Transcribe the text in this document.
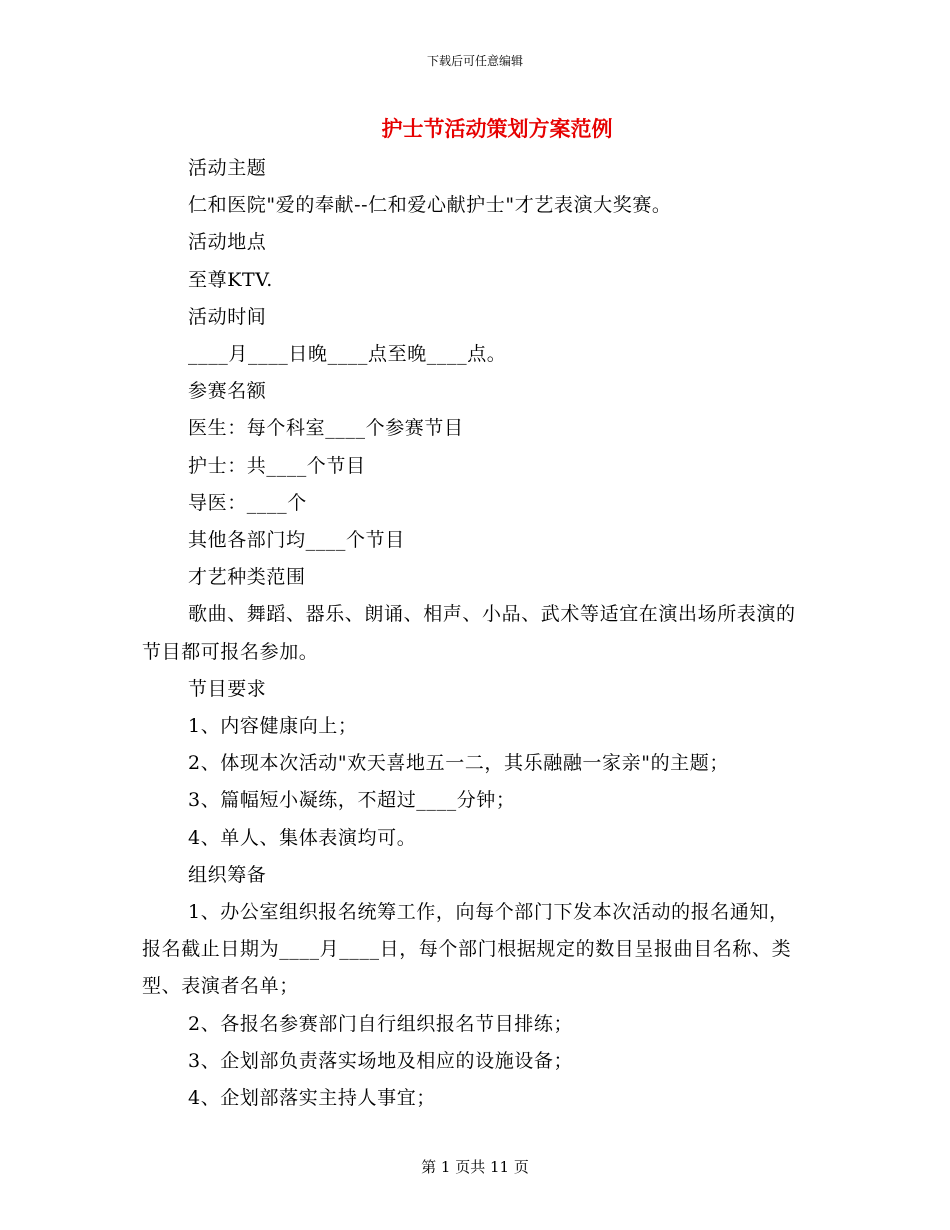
下载后可任意编辑
护士节活动策划方案范例

活动主题

仁和医院"爱的奉献--仁和爱心献护士"才艺表演大奖赛。

活动地点

至尊KTV.

活动时间

____月____日晚____点至晚____点。

参赛名额

医生：每个科室____个参赛节目

护士：共____个节目

导医：____个

其他各部门均____个节目

才艺种类范围

歌曲、舞蹈、器乐、朗诵、相声、小品、武术等适宜在演出场所表演的节目都可报名参加。

节目要求

1、内容健康向上；

2、体现本次活动"欢天喜地五一二，其乐融融一家亲"的主题；

3、篇幅短小凝练，不超过____分钟；

4、单人、集体表演均可。

组织筹备

1、办公室组织报名统筹工作，向每个部门下发本次活动的报名通知，报名截止日期为____月____日，每个部门根据规定的数目呈报曲目名称、类型、表演者名单；

2、各报名参赛部门自行组织报名节目排练；

3、企划部负责落实场地及相应的设施设备；

4、企划部落实主持人事宜；

第 1 页共 11 页
